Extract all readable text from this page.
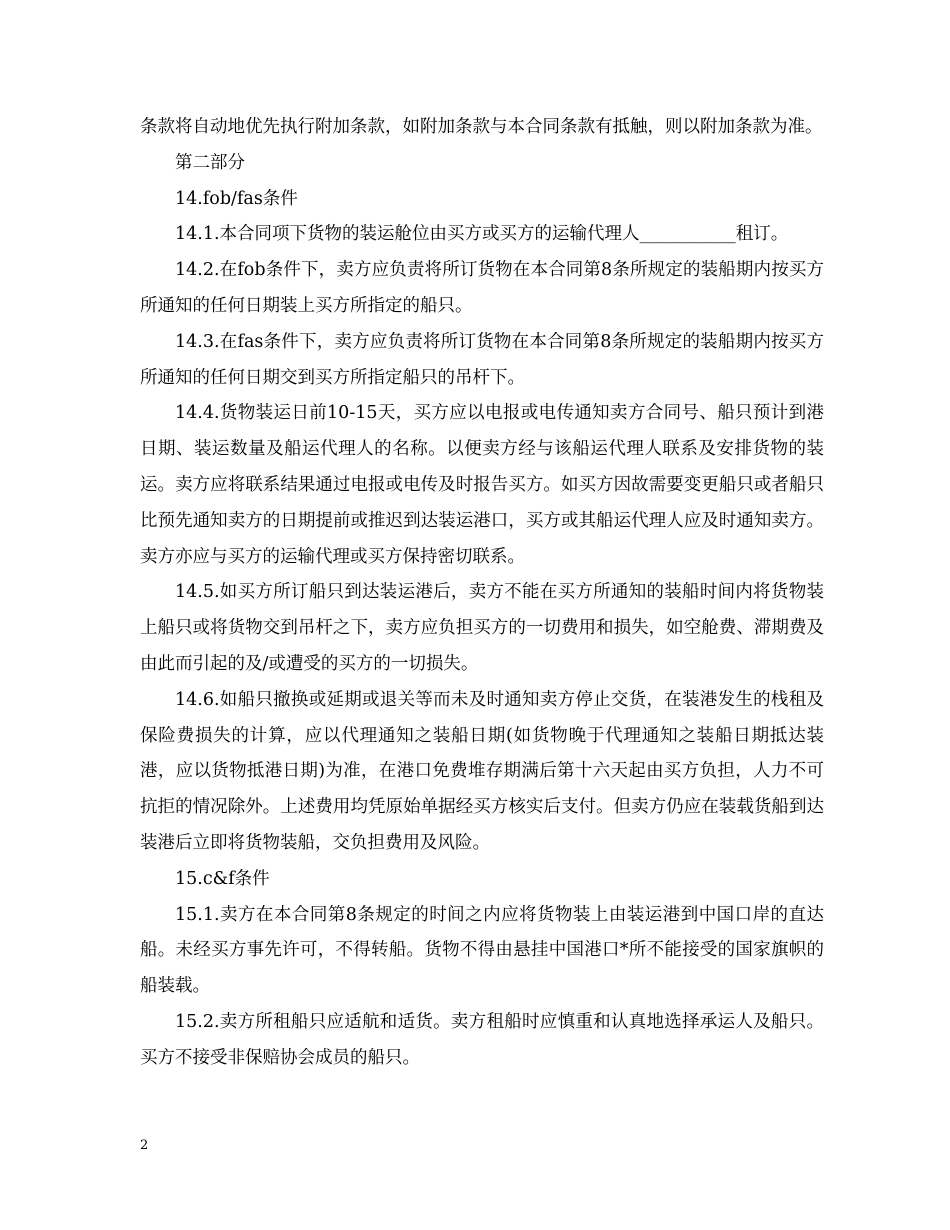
条款将自动地优先执行附加条款，如附加条款与本合同条款有抵触，则以附加条款为准。

第二部分

14.fob/fas条件

14.1.本合同项下货物的装运舱位由买方或买方的运输代理人___________租订。

14.2.在fob条件下，卖方应负责将所订货物在本合同第8条所规定的装船期内按买方所通知的任何日期装上买方所指定的船只。

14.3.在fas条件下，卖方应负责将所订货物在本合同第8条所规定的装船期内按买方所通知的任何日期交到买方所指定船只的吊杆下。

14.4.货物装运日前10-15天，买方应以电报或电传通知卖方合同号、船只预计到港日期、装运数量及船运代理人的名称。以便卖方经与该船运代理人联系及安排货物的装运。卖方应将联系结果通过电报或电传及时报告买方。如买方因故需要变更船只或者船只比预先通知卖方的日期提前或推迟到达装运港口，买方或其船运代理人应及时通知卖方。卖方亦应与买方的运输代理或买方保持密切联系。

14.5.如买方所订船只到达装运港后，卖方不能在买方所通知的装船时间内将货物装上船只或将货物交到吊杆之下，卖方应负担买方的一切费用和损失，如空舱费、滞期费及由此而引起的及/或遭受的买方的一切损失。

14.6.如船只撤换或延期或退关等而未及时通知卖方停止交货，在装港发生的栈租及保险费损失的计算，应以代理通知之装船日期(如货物晚于代理通知之装船日期抵达装港，应以货物抵港日期)为准，在港口免费堆存期满后第十六天起由买方负担，人力不可抗拒的情况除外。上述费用均凭原始单据经买方核实后支付。但卖方仍应在装载货船到达装港后立即将货物装船，交负担费用及风险。

15.c&f条件

15.1.卖方在本合同第8条规定的时间之内应将货物装上由装运港到中国口岸的直达船。未经买方事先许可，不得转船。货物不得由悬挂中国港口*所不能接受的国家旗帜的船装载。

15.2.卖方所租船只应适航和适货。卖方租船时应慎重和认真地选择承运人及船只。买方不接受非保赔协会成员的船只。

2
